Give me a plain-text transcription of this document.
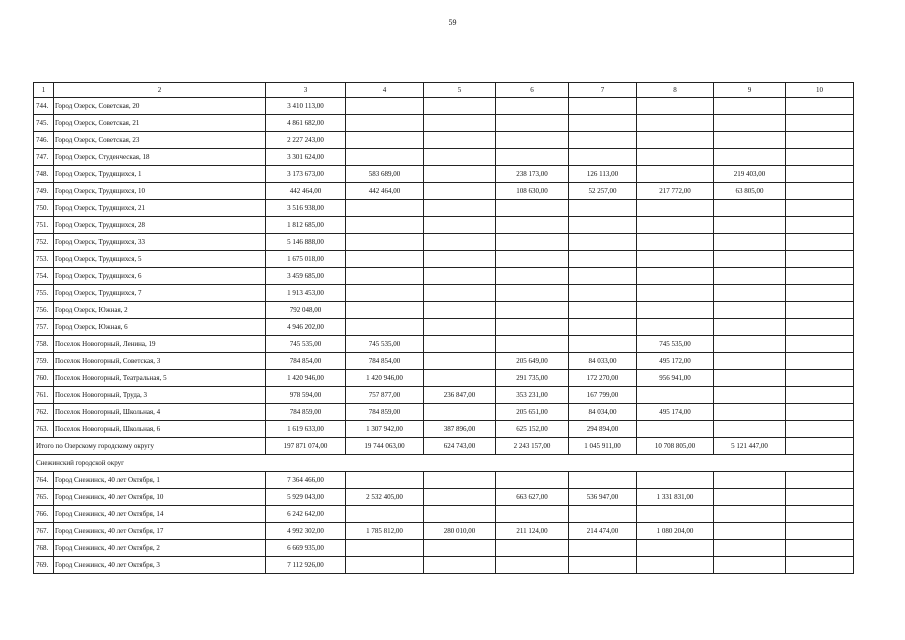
59
1	2	3	4	5	6	7	8	9	10
744.	Город Озерск, Советская, 20	3 410 113,00							
745.	Город Озерск, Советская, 21	4 861 682,00							
746.	Город Озерск, Советская, 23	2 227 243,00							
747.	Город Озерск, Студенческая, 18	3 301 624,00							
748.	Город Озерск, Трудящихся, 1	3 173 673,00	583 689,00		238 173,00	126 113,00		219 403,00	
749.	Город Озерск, Трудящихся, 10	442 464,00	442 464,00		108 630,00	52 257,00	217 772,00	63 805,00	
750.	Город Озерск, Трудящихся, 21	3 516 938,00							
751.	Город Озерск, Трудящихся, 28	1 812 685,00							
752.	Город Озерск, Трудящихся, 33	5 146 888,00							
753.	Город Озерск, Трудящихся, 5	1 675 018,00							
754.	Город Озерск, Трудящихся, 6	3 459 685,00							
755.	Город Озерск, Трудящихся, 7	1 913 453,00							
756.	Город Озерск, Южная, 2	792 048,00							
757.	Город Озерск, Южная, 6	4 946 202,00							
758.	Поселок Новогорный, Ленина, 19	745 535,00	745 535,00				745 535,00		
759.	Поселок Новогорный, Советская, 3	784 854,00	784 854,00		205 649,00	84 033,00	495 172,00		
760.	Поселок Новогорный, Театральная, 5	1 420 946,00	1 420 946,00		291 735,00	172 270,00	956 941,00		
761.	Поселок Новогорный, Труда, 3	978 594,00	757 877,00	236 847,00	353 231,00	167 799,00			
762.	Поселок Новогорный, Школьная, 4	784 859,00	784 859,00		205 651,00	84 034,00	495 174,00		
763.	Поселок Новогорный, Школьная, 6	1 619 633,00	1 307 942,00	387 896,00	625 152,00	294 894,00			
Итого по Озерскому городскому округу		197 871 074,00	19 744 063,00	624 743,00	2 243 157,00	1 045 911,00	10 708 805,00	5 121 447,00	
Снежинский городской округ									
764.	Город Снежинск, 40 лет Октября, 1	7 364 466,00							
765.	Город Снежинск, 40 лет Октября, 10	5 929 043,00	2 532 405,00		663 627,00	536 947,00	1 331 831,00		
766.	Город Снежинск, 40 лет Октября, 14	6 242 642,00							
767.	Город Снежинск, 40 лет Октября, 17	4 992 302,00	1 785 812,00	280 010,00	211 124,00	214 474,00	1 080 204,00		
768.	Город Снежинск, 40 лет Октября, 2	6 669 935,00							
769.	Город Снежинск, 40 лет Октября, 3	7 112 926,00							
